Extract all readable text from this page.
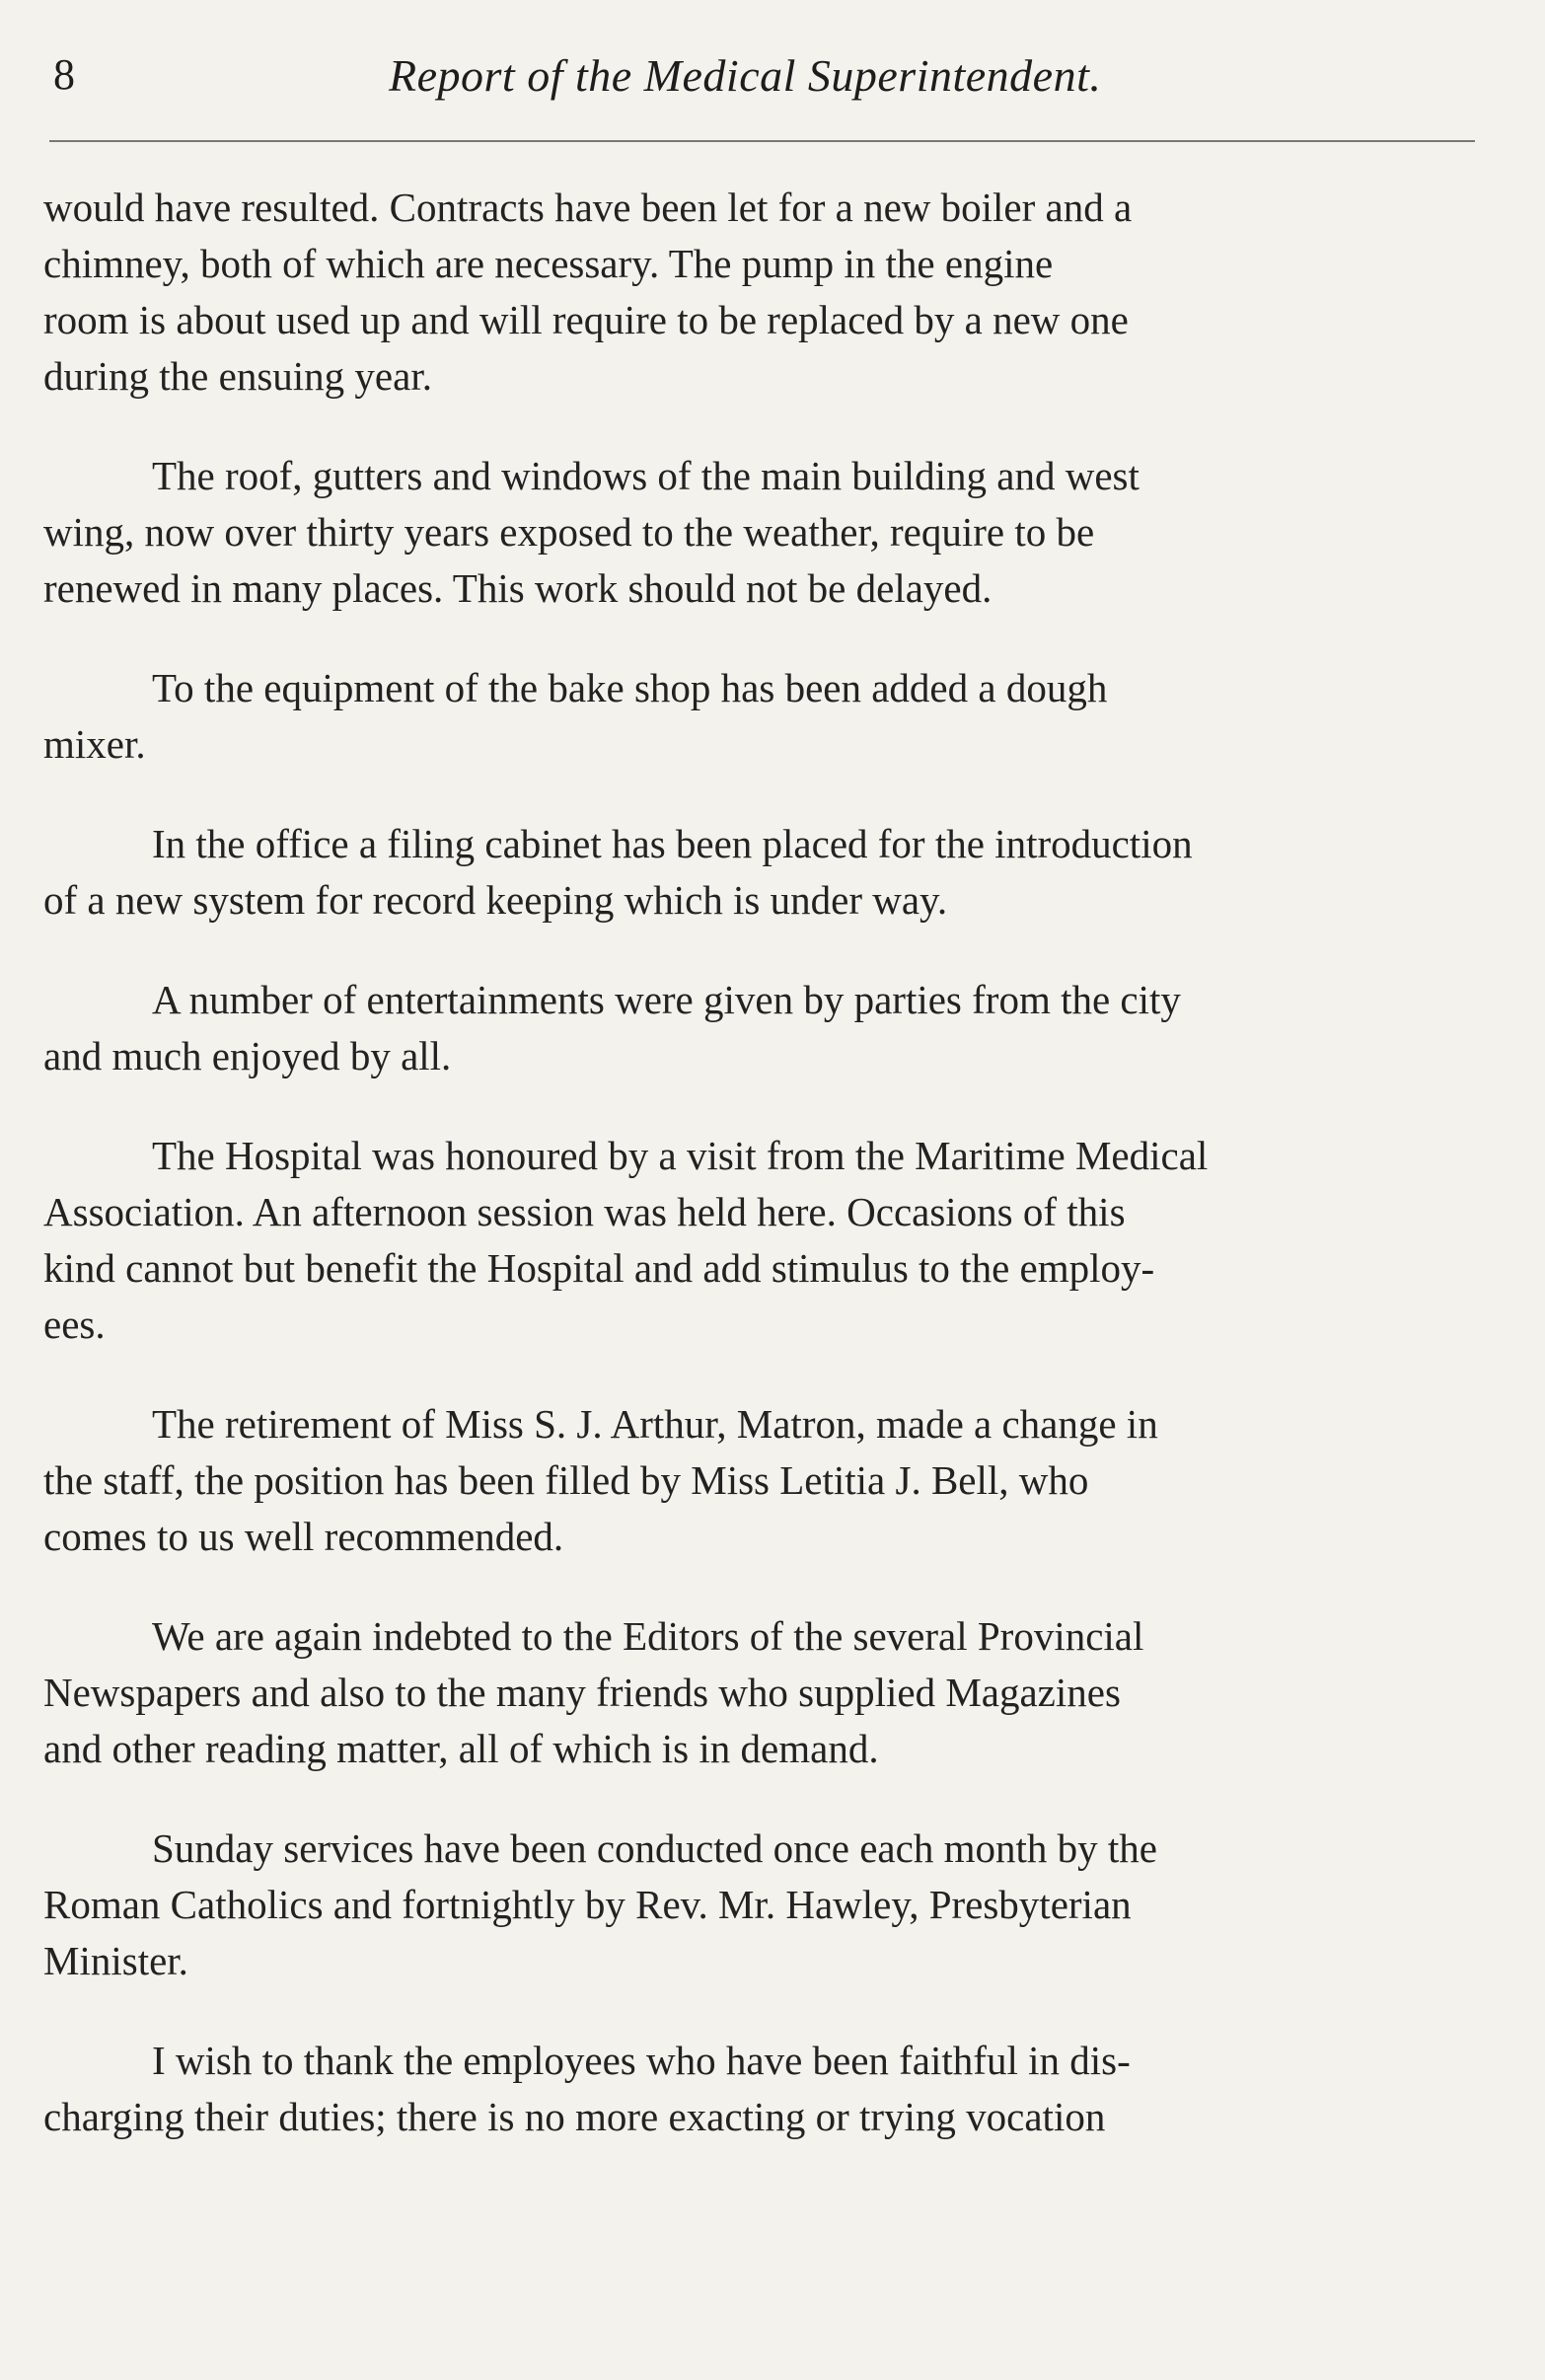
8	Report of the Medical Superintendent.
would have resulted. Contracts have been let for a new boiler and a
chimney, both of which are necessary. The pump in the engine
room is about used up and will require to be replaced by a new one
during the ensuing year.
The roof, gutters and windows of the main building and west
wing, now over thirty years exposed to the weather, require to be
renewed in many places. This work should not be delayed.
To the equipment of the bake shop has been added a dough
mixer.
In the office a filing cabinet has been placed for the introduction
of a new system for record keeping which is under way.
A number of entertainments were given by parties from the city
and much enjoyed by all.
The Hospital was honoured by a visit from the Maritime Medical
Association. An afternoon session was held here. Occasions of this
kind cannot but benefit the Hospital and add stimulus to the employ-
ees.
The retirement of Miss S. J. Arthur, Matron, made a change in
the staff, the position has been filled by Miss Letitia J. Bell, who
comes to us well recommended.
We are again indebted to the Editors of the several Provincial
Newspapers and also to the many friends who supplied Magazines
and other reading matter, all of which is in demand.
Sunday services have been conducted once each month by the
Roman Catholics and fortnightly by Rev. Mr. Hawley, Presbyterian
Minister.
I wish to thank the employees who have been faithful in dis-
charging their duties; there is no more exacting or trying vocation
